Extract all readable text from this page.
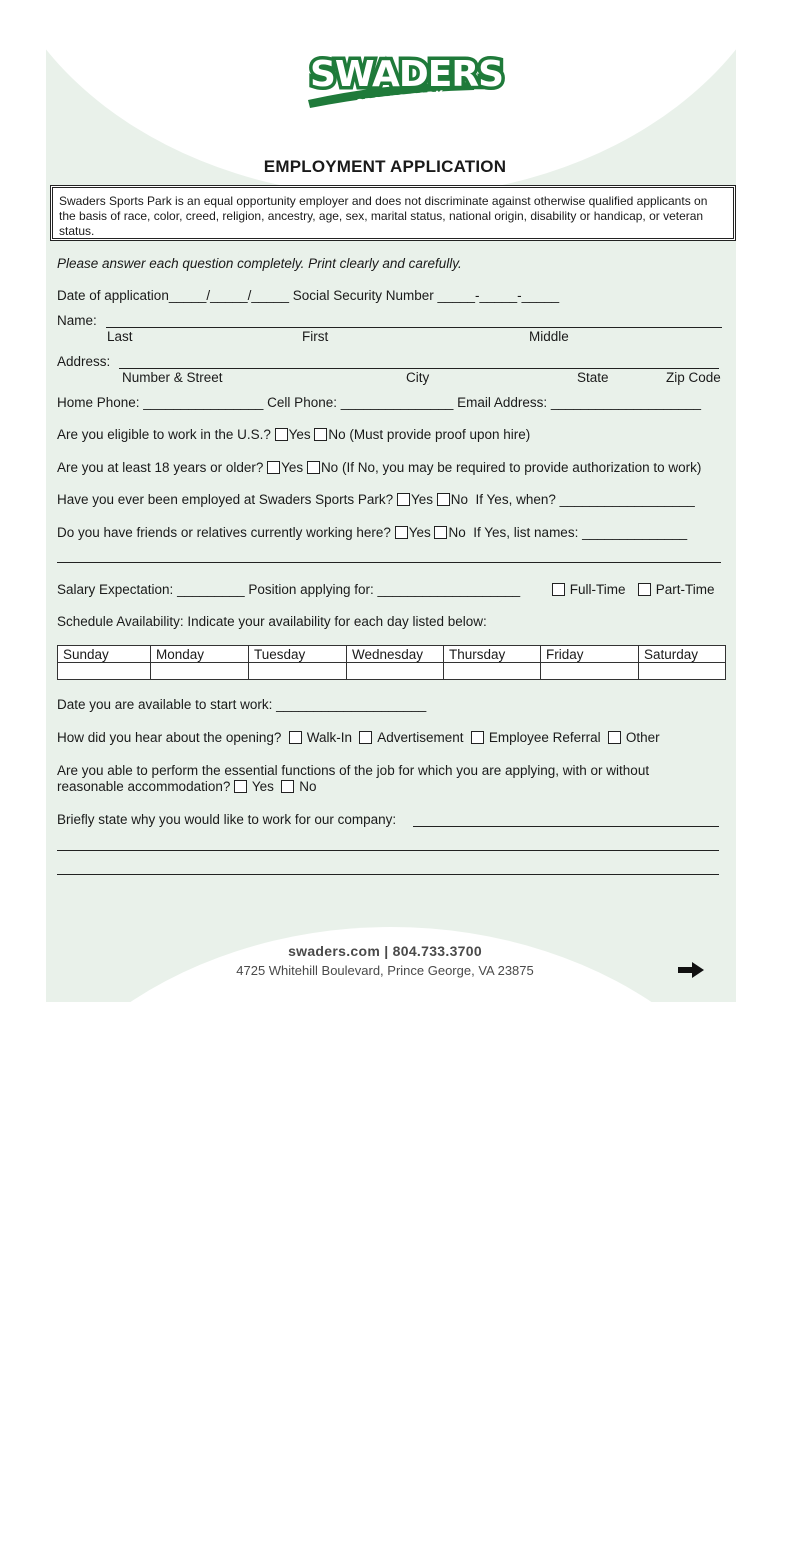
SWADERS
SPORTS PARK
EMPLOYMENT APPLICATION
Swaders Sports Park is an equal opportunity employer and does not discriminate against otherwise qualified applicants on the basis of race, color, creed, religion, ancestry, age, sex, marital status, national origin, disability or handicap, or veteran status.
Please answer each question completely. Print clearly and carefully.
Date of application_____/_____/_____ Social Security Number _____-_____-_____
Name:
Last	First	Middle
Address:
Number & Street	City	State	Zip Code
Home Phone: ________________ Cell Phone: _______________ Email Address: ____________________
Are you eligible to work in the U.S.? Yes No (Must provide proof upon hire)
Are you at least 18 years or older? Yes No (If No, you may be required to provide authorization to work)
Have you ever been employed at Swaders Sports Park? Yes No If Yes, when? __________________
Do you have friends or relatives currently working here? Yes No If Yes, list names: ______________
Salary Expectation: _________ Position applying for: ___________________	Full-Time	Part-Time
Schedule Availability: Indicate your availability for each day listed below:
Sunday	Monday	Tuesday	Wednesday	Thursday	Friday	Saturday

Date you are available to start work: ____________________
How did you hear about the opening? Walk-In Advertisement Employee Referral Other
Are you able to perform the essential functions of the job for which you are applying, with or without
reasonable accommodation? Yes No
Briefly state why you would like to work for our company:
swaders.com | 804.733.3700
4725 Whitehill Boulevard, Prince George, VA 23875
